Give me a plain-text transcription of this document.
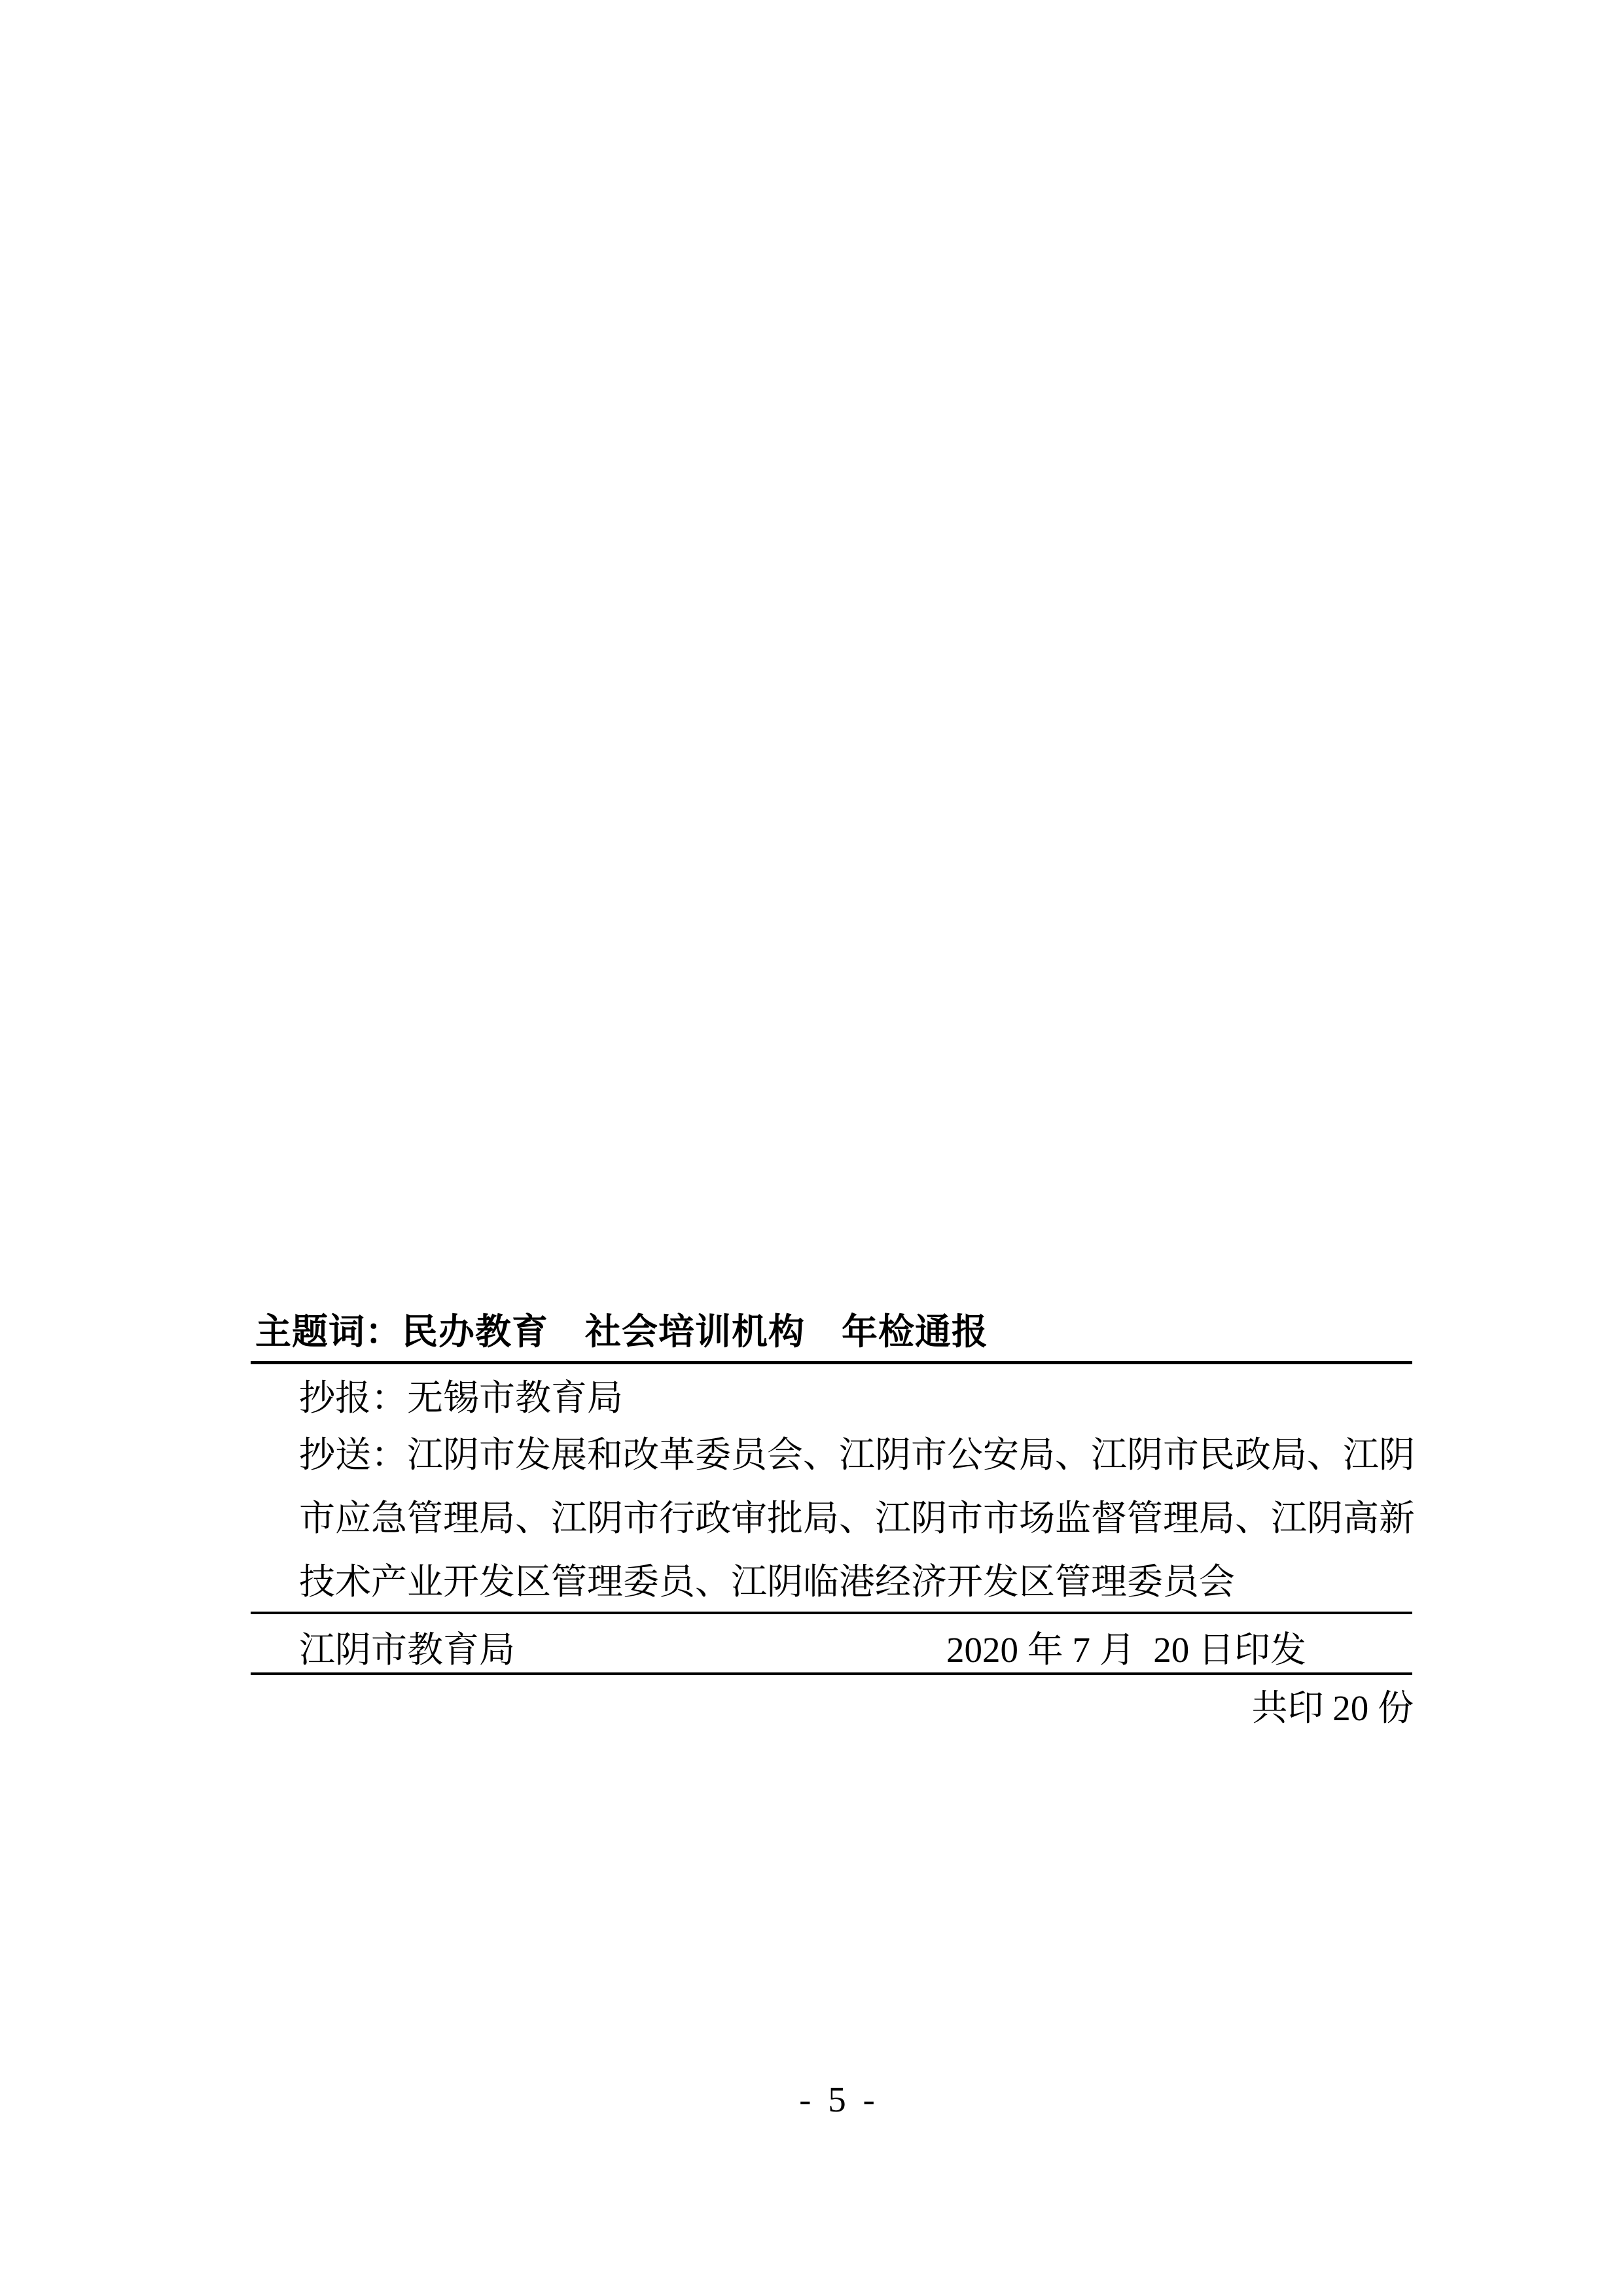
主题词：民办教育　社会培训机构　年检通报
抄报：无锡市教育局
抄送：江阴市发展和改革委员会、江阴市公安局、江阴市民政局、江阴
市应急管理局、江阴市行政审批局、江阴市市场监督管理局、江阴高新
技术产业开发区管理委员、江阴临港经济开发区管理委员会
江阴市教育局	2020 年 7 月  20 日印发
共印 20 份
- 5 -
